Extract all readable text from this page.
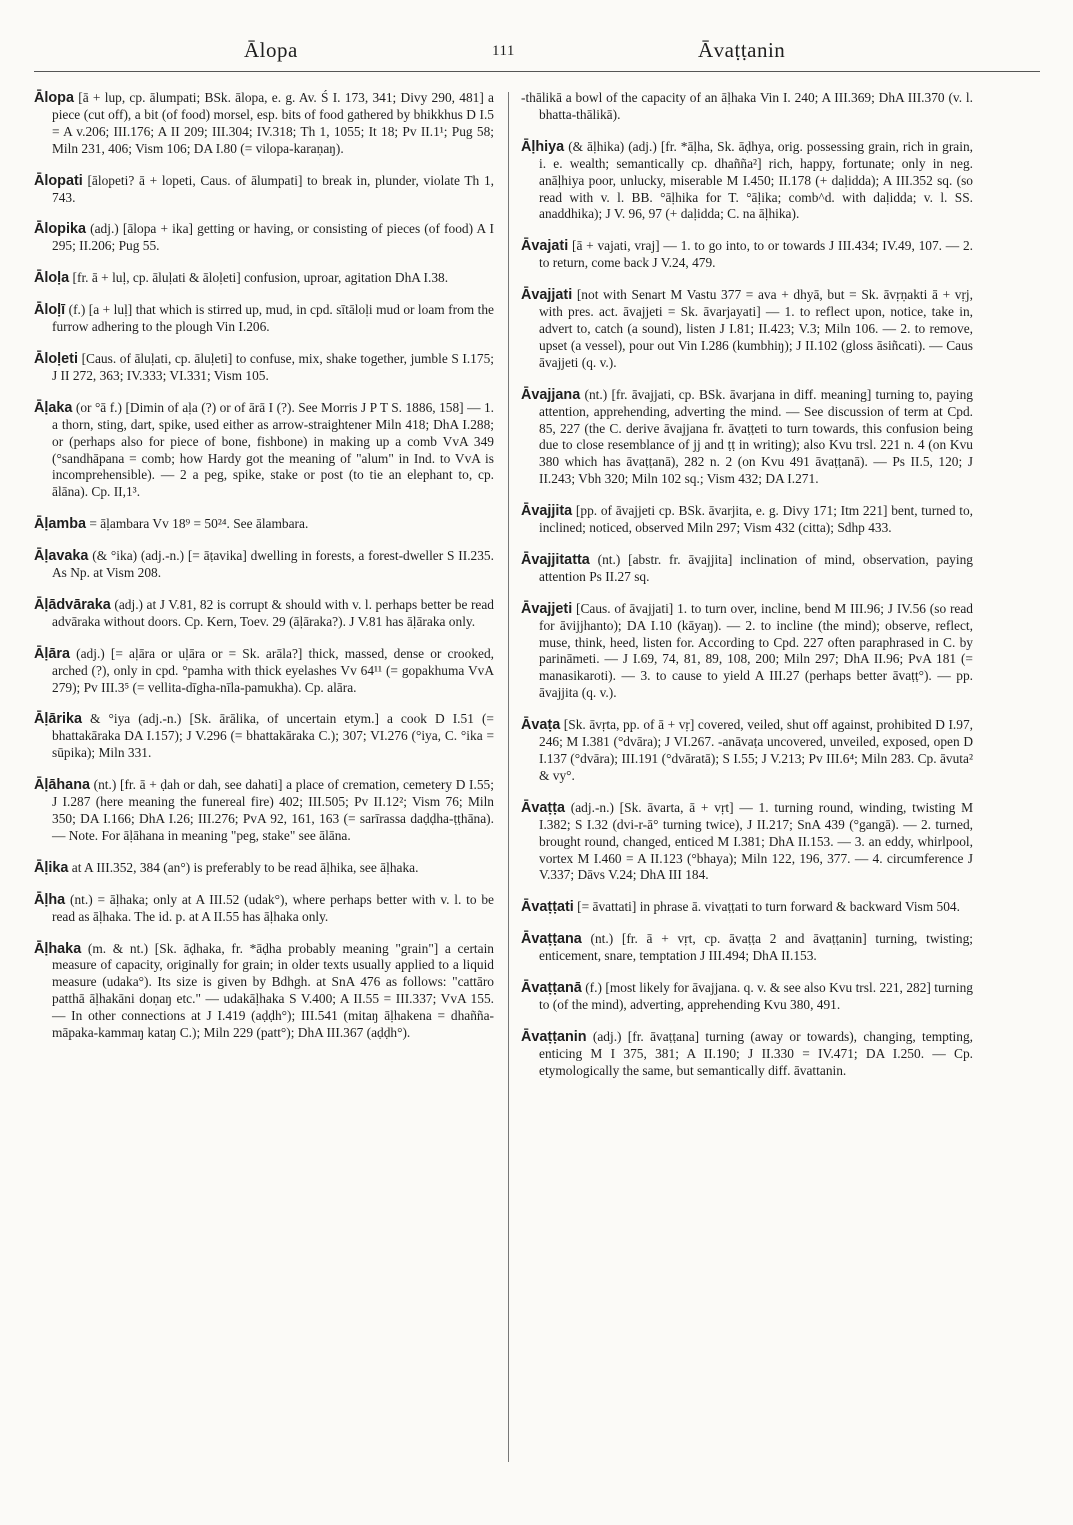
Ālopa	111	Āvaṭṭanin

Ālopa [ā + lup, cp. ālumpati; BSk. ālopa, e. g. Av. Ś I. 173, 341; Divy 290, 481] a piece (cut off), a bit (of food) morsel, esp. bits of food gathered by bhikkhus D I.5 = A v.206; III.176; A II 209; III.304; IV.318; Th 1, 1055; It 18; Pv II.1¹; Pug 58; Miln 231, 406; Vism 106; DA I.80 (= vilopa-karaṇaŋ).

Ālopati [ālopeti? ā + lopeti, Caus. of ālumpati] to break in, plunder, violate Th 1, 743.

Ālopika (adj.) [ālopa + ika] getting or having, or consisting of pieces (of food) A I 295; II.206; Pug 55.

Āloḷa [fr. ā + luḷ, cp. āluḷati & āloḷeti] confusion, uproar, agitation DhA I.38.

Āloḷī (f.) [a + luḷ] that which is stirred up, mud, in cpd. sītāloḷi mud or loam from the furrow adhering to the plough Vin I.206.

Āloḷeti [Caus. of āluḷati, cp. āluḷeti] to confuse, mix, shake together, jumble S I.175; J II 272, 363; IV.333; VI.331; Vism 105.

Āḷaka (or °ā f.) [Dimin of aḷa (?) or of ārā I (?). See Morris J P T S. 1886, 158] — 1. a thorn, sting, dart, spike, used either as arrow-straightener Miln 418; DhA I.288; or (perhaps also for piece of bone, fishbone) in making up a comb VvA 349 (°sandhāpana = comb; how Hardy got the meaning of "alum" in Ind. to VvA is incomprehensible). — 2 a peg, spike, stake or post (to tie an elephant to, cp. ālāna). Cp. II,1³.

Āḷamba = āḷambara Vv 18⁹ = 50²⁴. See ālambara.

Āḷavaka (& °ika) (adj.-n.) [= āṭavika] dwelling in forests, a forest-dweller S II.235. As Np. at Vism 208.

Āḷādvāraka (adj.) at J V.81, 82 is corrupt & should with v. l. perhaps better be read advāraka without doors. Cp. Kern, Toev. 29 (āḷāraka?). J V.81 has āḷāraka only.

Āḷāra (adj.) [= aḷāra or uḷāra or = Sk. arāla?] thick, massed, dense or crooked, arched (?), only in cpd. °pamha with thick eyelashes Vv 64¹¹ (= gopakhuma VvA 279); Pv III.3⁵ (= vellita-dīgha-nīla-pamukha). Cp. alāra.

Āḷārika & °iya (adj.-n.) [Sk. ārālika, of uncertain etym.] a cook D I.51 (= bhattakāraka DA I.157); J V.296 (= bhattakāraka C.); 307; VI.276 (°iya, C. °ika = sūpika); Miln 331.

Āḷāhana (nt.) [fr. ā + ḍah or dah, see dahati] a place of cremation, cemetery D I.55; J I.287 (here meaning the funereal fire) 402; III.505; Pv II.12²; Vism 76; Miln 350; DA I.166; DhA I.26; III.276; PvA 92, 161, 163 (= sarīrassa daḍḍha-ṭṭhāna). — Note. For āḷāhana in meaning "peg, stake" see ālāna.

Āḷika at A III.352, 384 (an°) is preferably to be read āḷhika, see āḷhaka.

Āḷha (nt.) = āḷhaka; only at A III.52 (udak°), where perhaps better with v. l. to be read as āḷhaka. The id. p. at A II.55 has āḷhaka only.

Āḷhaka (m. & nt.) [Sk. āḍhaka, fr. *āḍha probably meaning "grain"] a certain measure of capacity, originally for grain; in older texts usually applied to a liquid measure (udaka°). Its size is given by Bdhgh. at SnA 476 as follows: "cattāro patthā āḷhakāni doṇaŋ etc." — udakāḷhaka S V.400; A II.55 = III.337; VvA 155. — In other connections at J I.419 (aḍḍh°); III.541 (mitaŋ āḷhakena = dhañña-māpaka-kammaŋ kataŋ C.); Miln 229 (patt°); DhA III.367 (aḍḍh°).

-thālikā a bowl of the capacity of an āḷhaka Vin I. 240; A III.369; DhA III.370 (v. l. bhatta-thālikā).

Āḷhiya (& āḷhika) (adj.) [fr. *āḷha, Sk. āḍhya, orig. possessing grain, rich in grain, i. e. wealth; semantically cp. dhañña²] rich, happy, fortunate; only in neg. anāḷhiya poor, unlucky, miserable M I.450; II.178 (+ daḷidda); A III.352 sq. (so read with v. l. BB. °āḷhika for T. °āḷika; comb^d. with daḷidda; v. l. SS. anaddhika); J V. 96, 97 (+ daḷidda; C. na āḷhika).

Āvajati [ā + vajati, vraj] — 1. to go into, to or towards J III.434; IV.49, 107. — 2. to return, come back J V.24, 479.

Āvajjati [not with Senart M Vastu 377 = ava + dhyā, but = Sk. āvṛṇakti ā + vṛj, with pres. act. āvajjeti = Sk. āvarjayati] — 1. to reflect upon, notice, take in, advert to, catch (a sound), listen J I.81; II.423; V.3; Miln 106. — 2. to remove, upset (a vessel), pour out Vin I.286 (kumbhiŋ); J II.102 (gloss āsiñcati). — Caus āvajjeti (q. v.).

Āvajjana (nt.) [fr. āvajjati, cp. BSk. āvarjana in diff. meaning] turning to, paying attention, apprehending, adverting the mind. — See discussion of term at Cpd. 85, 227 (the C. derive āvajjana fr. āvaṭṭeti to turn towards, this confusion being due to close resemblance of jj and ṭṭ in writing); also Kvu trsl. 221 n. 4 (on Kvu 380 which has āvaṭṭanā), 282 n. 2 (on Kvu 491 āvaṭṭanā). — Ps II.5, 120; J II.243; Vbh 320; Miln 102 sq.; Vism 432; DA I.271.

Āvajjita [pp. of āvajjeti cp. BSk. āvarjita, e. g. Divy 171; Itm 221] bent, turned to, inclined; noticed, observed Miln 297; Vism 432 (citta); Sdhp 433.

Āvajjitatta (nt.) [abstr. fr. āvajjita] inclination of mind, observation, paying attention Ps II.27 sq.

Āvajjeti [Caus. of āvajjati] 1. to turn over, incline, bend M III.96; J IV.56 (so read for āvijjhanto); DA I.10 (kāyaŋ). — 2. to incline (the mind); observe, reflect, muse, think, heed, listen for. According to Cpd. 227 often paraphrased in C. by parināmeti. — J I.69, 74, 81, 89, 108, 200; Miln 297; DhA II.96; PvA 181 (= manasikaroti). — 3. to cause to yield A III.27 (perhaps better āvaṭṭ°). — pp. āvajjita (q. v.).

Āvaṭa [Sk. āvṛta, pp. of ā + vṛ] covered, veiled, shut off against, prohibited D I.97, 246; M I.381 (°dvāra); J VI.267. -anāvaṭa uncovered, unveiled, exposed, open D I.137 (°dvāra); III.191 (°dvāratā); S I.55; J V.213; Pv III.6⁴; Miln 283. Cp. āvuta² & vy°.

Āvaṭṭa (adj.-n.) [Sk. āvarta, ā + vṛt] — 1. turning round, winding, twisting M I.382; S I.32 (dvi-r-ā° turning twice), J II.217; SnA 439 (°gangā). — 2. turned, brought round, changed, enticed M I.381; DhA II.153. — 3. an eddy, whirlpool, vortex M I.460 = A II.123 (°bhaya); Miln 122, 196, 377. — 4. circumference J V.337; Dāvs V.24; DhA III 184.

Āvaṭṭati [= āvattati] in phrase ā. vivaṭṭati to turn forward & backward Vism 504.

Āvaṭṭana (nt.) [fr. ā + vṛt, cp. āvaṭṭa 2 and āvaṭṭanin] turning, twisting; enticement, snare, temptation J III.494; DhA II.153.

Āvaṭṭanā (f.) [most likely for āvajjana. q. v. & see also Kvu trsl. 221, 282] turning to (of the mind), adverting, apprehending Kvu 380, 491.

Āvaṭṭanin (adj.) [fr. āvaṭṭana] turning (away or towards), changing, tempting, enticing M I 375, 381; A II.190; J II.330 = IV.471; DA I.250. — Cp. etymologically the same, but semantically diff. āvattanin.
